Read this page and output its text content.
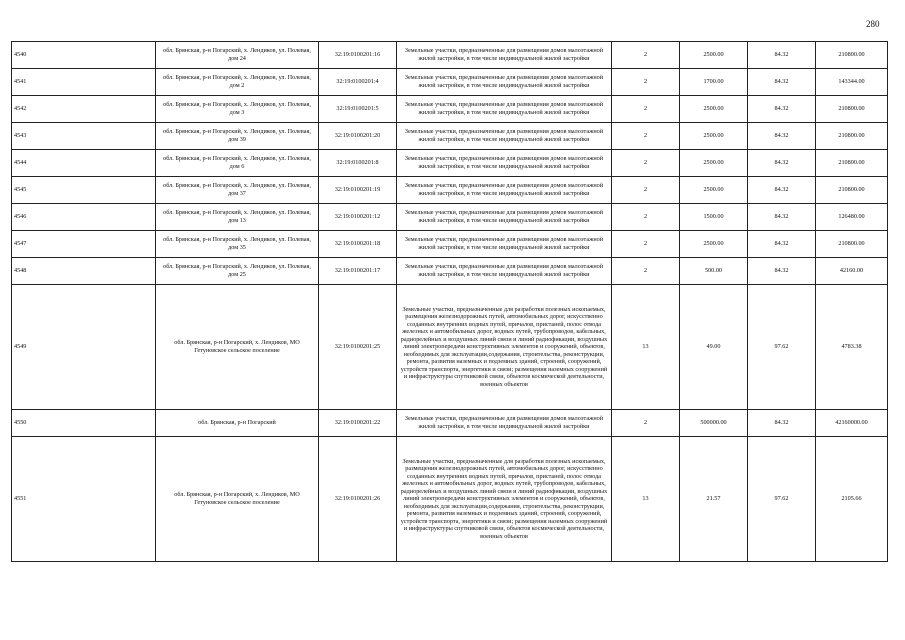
280
4540	обл. Брянская, р-н Погарский, х. Лендиков, ул. Полевая, дом 24	32:19:0100201:16	Земельные участки, предназначенные для размещения домов малоэтажной жилой застройки, в том числе индивидуальной жилой застройки	2	2500.00	84.32	210800.00
4541	обл. Брянская, р-н Погарский, х. Лендиков, ул. Полевая, дом 2	32:19:0100201:4	Земельные участки, предназначенные для размещения домов малоэтажной жилой застройки, в том числе индивидуальной жилой застройки	2	1700.00	84.32	143344.00
4542	обл. Брянская, р-н Погарский, х. Лендиков, ул. Полевая, дом 3	32:19:0100201:5	Земельные участки, предназначенные для размещения домов малоэтажной жилой застройки, в том числе индивидуальной жилой застройки	2	2500.00	84.32	210800.00
4543	обл. Брянская, р-н Погарский, х. Лендиков, ул. Полевая, дом 39	32:19:0100201:20	Земельные участки, предназначенные для размещения домов малоэтажной жилой застройки, в том числе индивидуальной жилой застройки	2	2500.00	84.32	210800.00
4544	обл. Брянская, р-н Погарский, х. Лендиков, ул. Полевая, дом 6	32:19:0100201:8	Земельные участки, предназначенные для размещения домов малоэтажной жилой застройки, в том числе индивидуальной жилой застройки	2	2500.00	84.32	210800.00
4545	обл. Брянская, р-н Погарский, х. Лендиков, ул. Полевая, дом 37	32:19:0100201:19	Земельные участки, предназначенные для размещения домов малоэтажной жилой застройки, в том числе индивидуальной жилой застройки	2	2500.00	84.32	210800.00
4546	обл. Брянская, р-н Погарский, х. Лендиков, ул. Полевая, дом 13	32:19:0100201:12	Земельные участки, предназначенные для размещения домов малоэтажной жилой застройки, в том числе индивидуальной жилой застройки	2	1500.00	84.32	126480.00
4547	обл. Брянская, р-н Погарский, х. Лендиков, ул. Полевая, дом 35	32:19:0100201:18	Земельные участки, предназначенные для размещения домов малоэтажной жилой застройки, в том числе индивидуальной жилой застройки	2	2500.00	84.32	210800.00
4548	обл. Брянская, р-н Погарский, х. Лендиков, ул. Полевая, дом 25	32:19:0100201:17	Земельные участки, предназначенные для размещения домов малоэтажной жилой застройки, в том числе индивидуальной жилой застройки	2	500.00	84.32	42160.00
4549	обл. Брянская, р-н Погарский, х. Лендиков, МО Гетуновское сельское поселение	32:19:0100201:25	Земельные участки, предназначенные для разработки полезных ископаемых, размещения железнодорожных путей, автомобильных дорог, искусственно созданных внутренних водных путей, причалов, пристаней, полос отвода железных и автомобильных дорог, водных путей, трубопроводов, кабельных, радиорелейных и воздушных линий связи и линий радиофикации, воздушных линий электропередачи конструктивных элементов и сооружений, объектов, необходимых для эксплуатации,содержания, строительства, реконструкции, ремонта, развития наземных и подземных зданий, строений, сооружений, устройств транспорта, энергетики и связи; размещения наземных сооружений и инфраструктуры спутниковой связи, объектов космической деятельности, военных объектов	13	49.00	97.62	4783.38
4550	обл. Брянская, р-н Погарский	32:19:0100201:22	Земельные участки, предназначенные для размещения домов малоэтажной жилой застройки, в том числе индивидуальной жилой застройки	2	500000.00	84.32	42160000.00
4551	обл. Брянская, р-н Погарский, х. Лендиков, МО Гетуновское сельское поселение	32:19:0100201:26	Земельные участки, предназначенные для разработки полезных ископаемых, размещения железнодорожных путей, автомобильных дорог, искусственно созданных внутренних водных путей, причалов, пристаней, полос отвода железных и автомобильных дорог, водных путей, трубопроводов, кабельных, радиорелейных и воздушных линий связи и линий радиофикации, воздушных линий электропередачи конструктивных элементов и сооружений, объектов, необходимых для эксплуатации,содержания, строительства, реконструкции, ремонта, развития наземных и подземных зданий, строений, сооружений, устройств транспорта, энергетики и связи; размещения наземных сооружений и инфраструктуры спутниковой связи, объектов космической деятельности, военных объектов	13	21.57	97.62	2105.66
